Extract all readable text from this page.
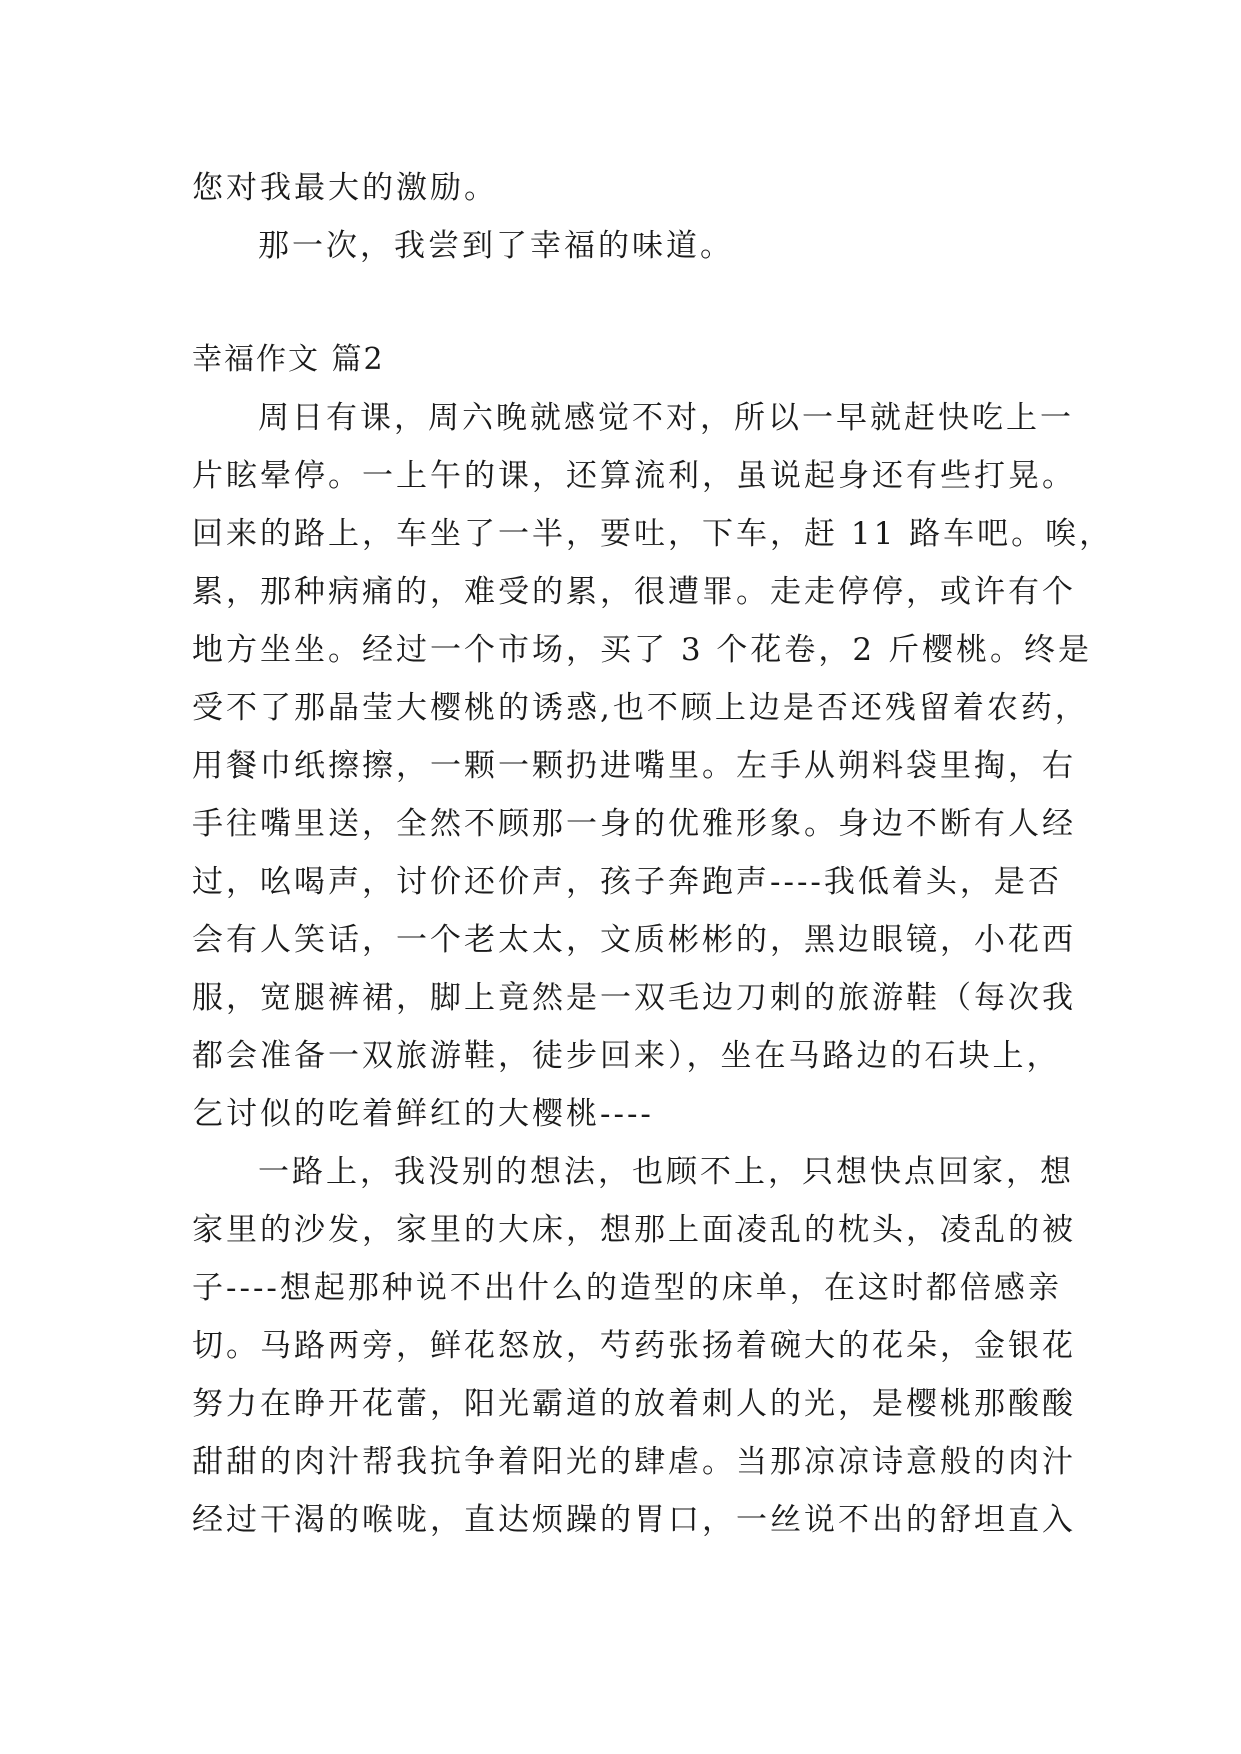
您对我最大的激励。
那一次，我尝到了幸福的味道。
幸福作文 篇2
周日有课，周六晚就感觉不对，所以一早就赶快吃上一
片眩晕停。一上午的课，还算流利，虽说起身还有些打晃。
回来的路上，车坐了一半，要吐，下车，赶 11 路车吧。唉，
累，那种病痛的，难受的累，很遭罪。走走停停，或许有个
地方坐坐。经过一个市场，买了 3 个花卷，2 斤樱桃。终是
受不了那晶莹大樱桃的诱惑,也不顾上边是否还残留着农药，
用餐巾纸擦擦，一颗一颗扔进嘴里。左手从朔料袋里掏，右
手往嘴里送，全然不顾那一身的优雅形象。身边不断有人经
过，吆喝声，讨价还价声，孩子奔跑声----我低着头，是否
会有人笑话，一个老太太，文质彬彬的，黑边眼镜，小花西
服，宽腿裤裙，脚上竟然是一双毛边刀刺的旅游鞋（每次我
都会准备一双旅游鞋，徒步回来），坐在马路边的石块上，
乞讨似的吃着鲜红的大樱桃----
一路上，我没别的想法，也顾不上，只想快点回家，想
家里的沙发，家里的大床，想那上面凌乱的枕头，凌乱的被
子----想起那种说不出什么的造型的床单，在这时都倍感亲
切。马路两旁，鲜花怒放，芍药张扬着碗大的花朵，金银花
努力在睁开花蕾，阳光霸道的放着刺人的光，是樱桃那酸酸
甜甜的肉汁帮我抗争着阳光的肆虐。当那凉凉诗意般的肉汁
经过干渴的喉咙，直达烦躁的胃口，一丝说不出的舒坦直入
